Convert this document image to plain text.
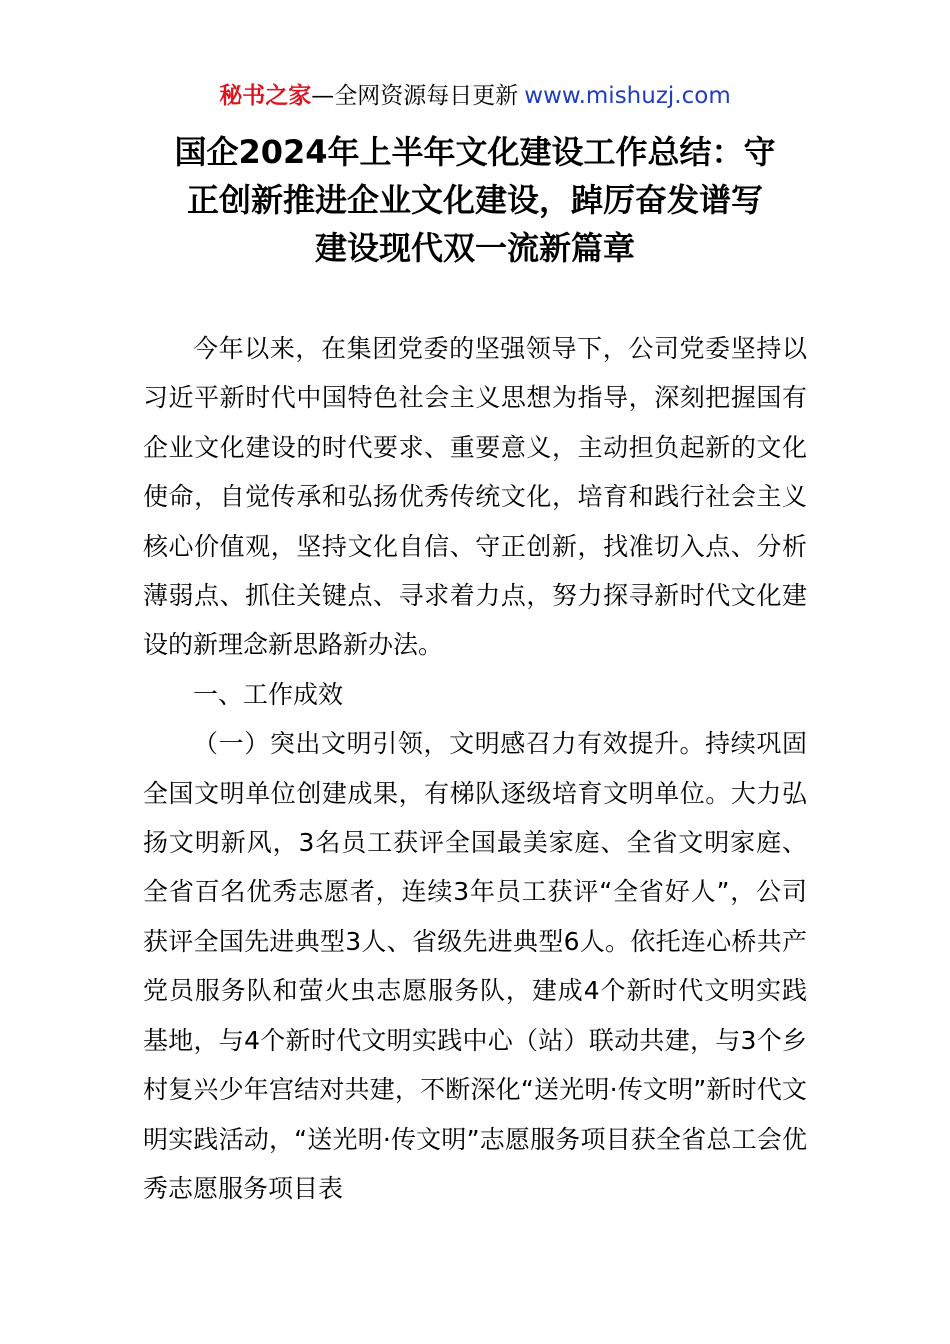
秘书之家—全网资源每日更新 www.mishuzj.com
国企2024年上半年文化建设工作总结：守
正创新推进企业文化建设，踔厉奋发谱写
建设现代双一流新篇章

今年以来，在集团党委的坚强领导下，公司党委坚持以习近平新时代中国特色社会主义思想为指导，深刻把握国有企业文化建设的时代要求、重要意义，主动担负起新的文化使命，自觉传承和弘扬优秀传统文化，培育和践行社会主义核心价值观，坚持文化自信、守正创新，找准切入点、分析薄弱点、抓住关键点、寻求着力点，努力探寻新时代文化建设的新理念新思路新办法。

一、工作成效

（一）突出文明引领，文明感召力有效提升。持续巩固全国文明单位创建成果，有梯队逐级培育文明单位。大力弘扬文明新风，3名员工获评全国最美家庭、全省文明家庭、全省百名优秀志愿者，连续3年员工获评“全省好人”，公司获评全国先进典型3人、省级先进典型6人。依托连心桥共产党员服务队和萤火虫志愿服务队，建成4个新时代文明实践基地，与4个新时代文明实践中心（站）联动共建，与3个乡村复兴少年宫结对共建，不断深化“送光明·传文明”新时代文明实践活动，“送光明·传文明”志愿服务项目获全省总工会优秀志愿服务项目表
